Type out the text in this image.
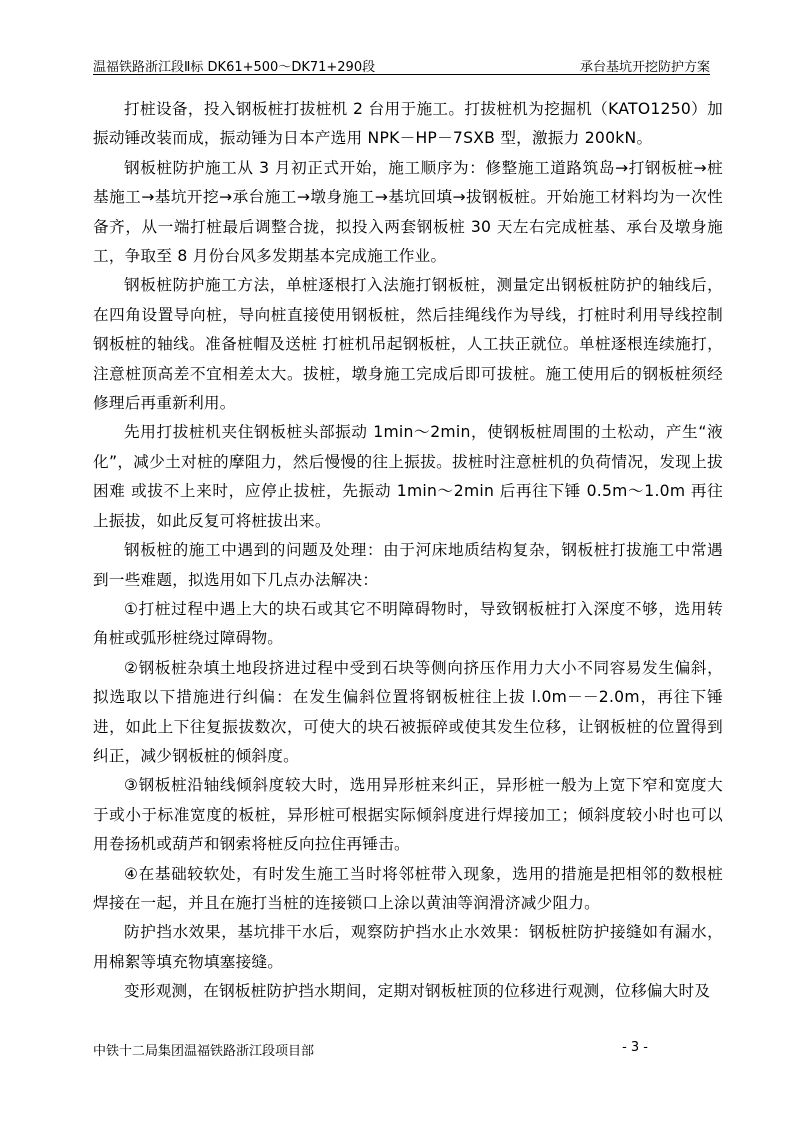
温福铁路浙江段Ⅱ标 DK61+500～DK71+290段	承台基坑开挖防护方案

打桩设备，投入钢板桩打拔桩机 2 台用于施工。打拔桩机为挖掘机（KATO1250）加振动锤改装而成，振动锤为日本产选用 NPK－HP－7SXB 型，激振力 200kN。

钢板桩防护施工从 3 月初正式开始，施工顺序为：修整施工道路筑岛→打钢板桩→桩基施工→基坑开挖→承台施工→墩身施工→基坑回填→拔钢板桩。开始施工材料均为一次性备齐，从一端打桩最后调整合拢，拟投入两套钢板桩 30 天左右完成桩基、承台及墩身施工，争取至 8 月份台风多发期基本完成施工作业。

钢板桩防护施工方法，单桩逐根打入法施打钢板桩，测量定出钢板桩防护的轴线后，在四角设置导向桩，导向桩直接使用钢板桩，然后挂绳线作为导线，打桩时利用导线控制钢板桩的轴线。准备桩帽及送桩 打桩机吊起钢板桩，人工扶正就位。单桩逐根连续施打，注意桩顶高差不宜相差太大。拔桩，墩身施工完成后即可拔桩。施工使用后的钢板桩须经修理后再重新利用。

先用打拔桩机夹住钢板桩头部振动 1min～2min，使钢板桩周围的土松动，产生“液化”，减少土对桩的摩阻力，然后慢慢的往上振拔。拔桩时注意桩机的负荷情况，发现上拔困难 或拔不上来时，应停止拔桩，先振动 1min～2min 后再往下锤 0.5m～1.0m 再往上振拔，如此反复可将桩拔出来。

钢板桩的施工中遇到的问题及处理：由于河床地质结构复杂，钢板桩打拔施工中常遇到一些难题，拟选用如下几点办法解决：

①打桩过程中遇上大的块石或其它不明障碍物时，导致钢板桩打入深度不够，选用转角桩或弧形桩绕过障碍物。

②钢板桩杂填土地段挤进过程中受到石块等侧向挤压作用力大小不同容易发生偏斜，拟选取以下措施进行纠偏：在发生偏斜位置将钢板桩往上拔 l.0m－－2.0m，再往下锤进，如此上下往复振拔数次，可使大的块石被振碎或使其发生位移，让钢板桩的位置得到纠正，减少钢板桩的倾斜度。

③钢板桩沿轴线倾斜度较大时，选用异形桩来纠正，异形桩一般为上宽下窄和宽度大于或小于标准宽度的板桩，异形桩可根据实际倾斜度进行焊接加工；倾斜度较小时也可以用卷扬机或葫芦和钢索将桩反向拉住再锤击。

④在基础较软处，有时发生施工当时将邻桩带入现象，选用的措施是把相邻的数根桩焊接在一起，并且在施打当桩的连接锁口上涂以黄油等润滑济减少阻力。

防护挡水效果，基坑排干水后，观察防护挡水止水效果：钢板桩防护接缝如有漏水，用棉絮等填充物填塞接缝。

变形观测，在钢板桩防护挡水期间，定期对钢板桩顶的位移进行观测，位移偏大时及

中铁十二局集团温福铁路浙江段项目部	- 3 -
